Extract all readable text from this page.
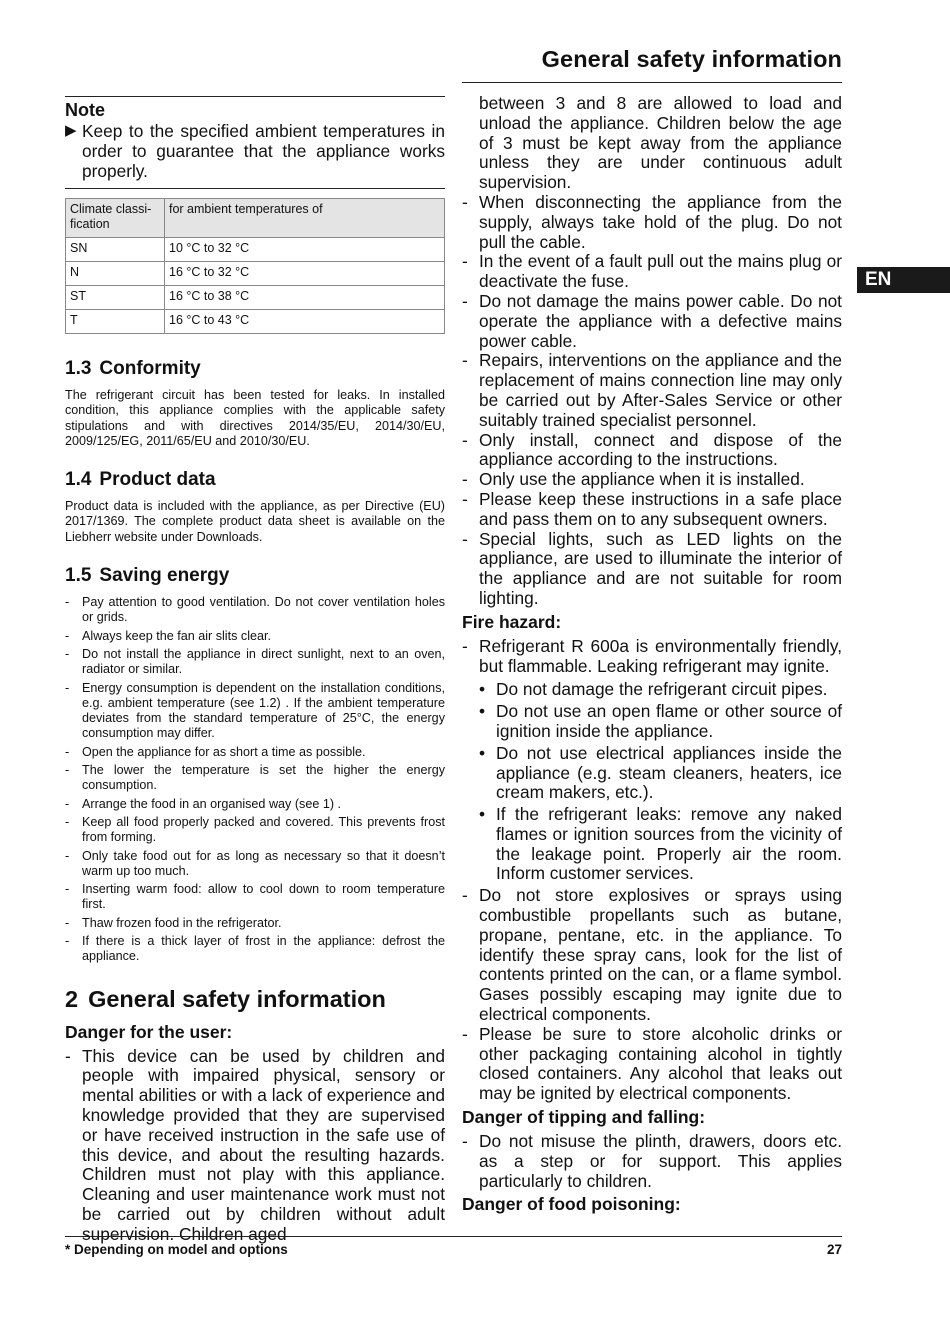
General safety information
EN
Note
▶ Keep to the specified ambient temperatures in order to guarantee that the appliance works properly.
Climate classi-fication	for ambient temperatures of
SN	10 °C to 32 °C
N	16 °C to 32 °C
ST	16 °C to 38 °C
T	16 °C to 43 °C
1.3 Conformity

The refrigerant circuit has been tested for leaks. In installed condition, this appliance complies with the applicable safety stipulations and with directives 2014/35/EU, 2014/30/EU, 2009/125/EG, 2011/65/EU and 2010/30/EU.

1.4 Product data

Product data is included with the appliance, as per Directive (EU) 2017/1369. The complete product data sheet is available on the Liebherr website under Downloads.

1.5 Saving energy
- Pay attention to good ventilation. Do not cover ventilation holes or grids.
- Always keep the fan air slits clear.
- Do not install the appliance in direct sunlight, next to an oven, radiator or similar.
- Energy consumption is dependent on the installation conditions, e.g. ambient temperature (see 1.2) . If the ambient temperature deviates from the standard temperature of 25°C, the energy consumption may differ.
- Open the appliance for as short a time as possible.
- The lower the temperature is set the higher the energy consumption.
- Arrange the food in an organised way (see 1) .
- Keep all food properly packed and covered. This prevents frost from forming.
- Only take food out for as long as necessary so that it doesn’t warm up too much.
- Inserting warm food: allow to cool down to room temperature first.
- Thaw frozen food in the refrigerator.
- If there is a thick layer of frost in the appliance: defrost the appliance.
2 General safety information
Danger for the user:
- This device can be used by children and people with impaired physical, sensory or mental abilities or with a lack of experience and knowledge provided that they are supervised or have received instruction in the safe use of this device, and about the resulting hazards. Children must not play with this appliance. Cleaning and user maintenance work must not be carried out by children without adult supervision. Children aged

between 3 and 8 are allowed to load and unload the appliance. Children below the age of 3 must be kept away from the appliance unless they are under continuous adult supervision.

- When disconnecting the appliance from the supply, always take hold of the plug. Do not pull the cable.
- In the event of a fault pull out the mains plug or deactivate the fuse.
- Do not damage the mains power cable. Do not operate the appliance with a defective mains power cable.
- Repairs, interventions on the appliance and the replacement of mains connection line may only be carried out by After-Sales Service or other suitably trained specialist personnel.
- Only install, connect and dispose of the appliance according to the instructions.
- Only use the appliance when it is installed.
- Please keep these instructions in a safe place and pass them on to any subsequent owners.
- Special lights, such as LED lights on the appliance, are used to illuminate the interior of the appliance and are not suitable for room lighting.
Fire hazard:
- Refrigerant R 600a is environmentally friendly, but flammable. Leaking refrigerant may ignite.
• Do not damage the refrigerant circuit pipes.
• Do not use an open flame or other source of ignition inside the appliance.
• Do not use electrical appliances inside the appliance (e.g. steam cleaners, heaters, ice cream makers, etc.).
• If the refrigerant leaks: remove any naked flames or ignition sources from the vicinity of the leakage point. Properly air the room. Inform customer services.
- Do not store explosives or sprays using combustible propellants such as butane, propane, pentane, etc. in the appliance. To identify these spray cans, look for the list of contents printed on the can, or a flame symbol. Gases possibly escaping may ignite due to electrical components.
- Please be sure to store alcoholic drinks or other packaging containing alcohol in tightly closed containers. Any alcohol that leaks out may be ignited by electrical components.
Danger of tipping and falling:
- Do not misuse the plinth, drawers, doors etc. as a step or for support. This applies particularly to children.
Danger of food poisoning:
* Depending on model and options	27
